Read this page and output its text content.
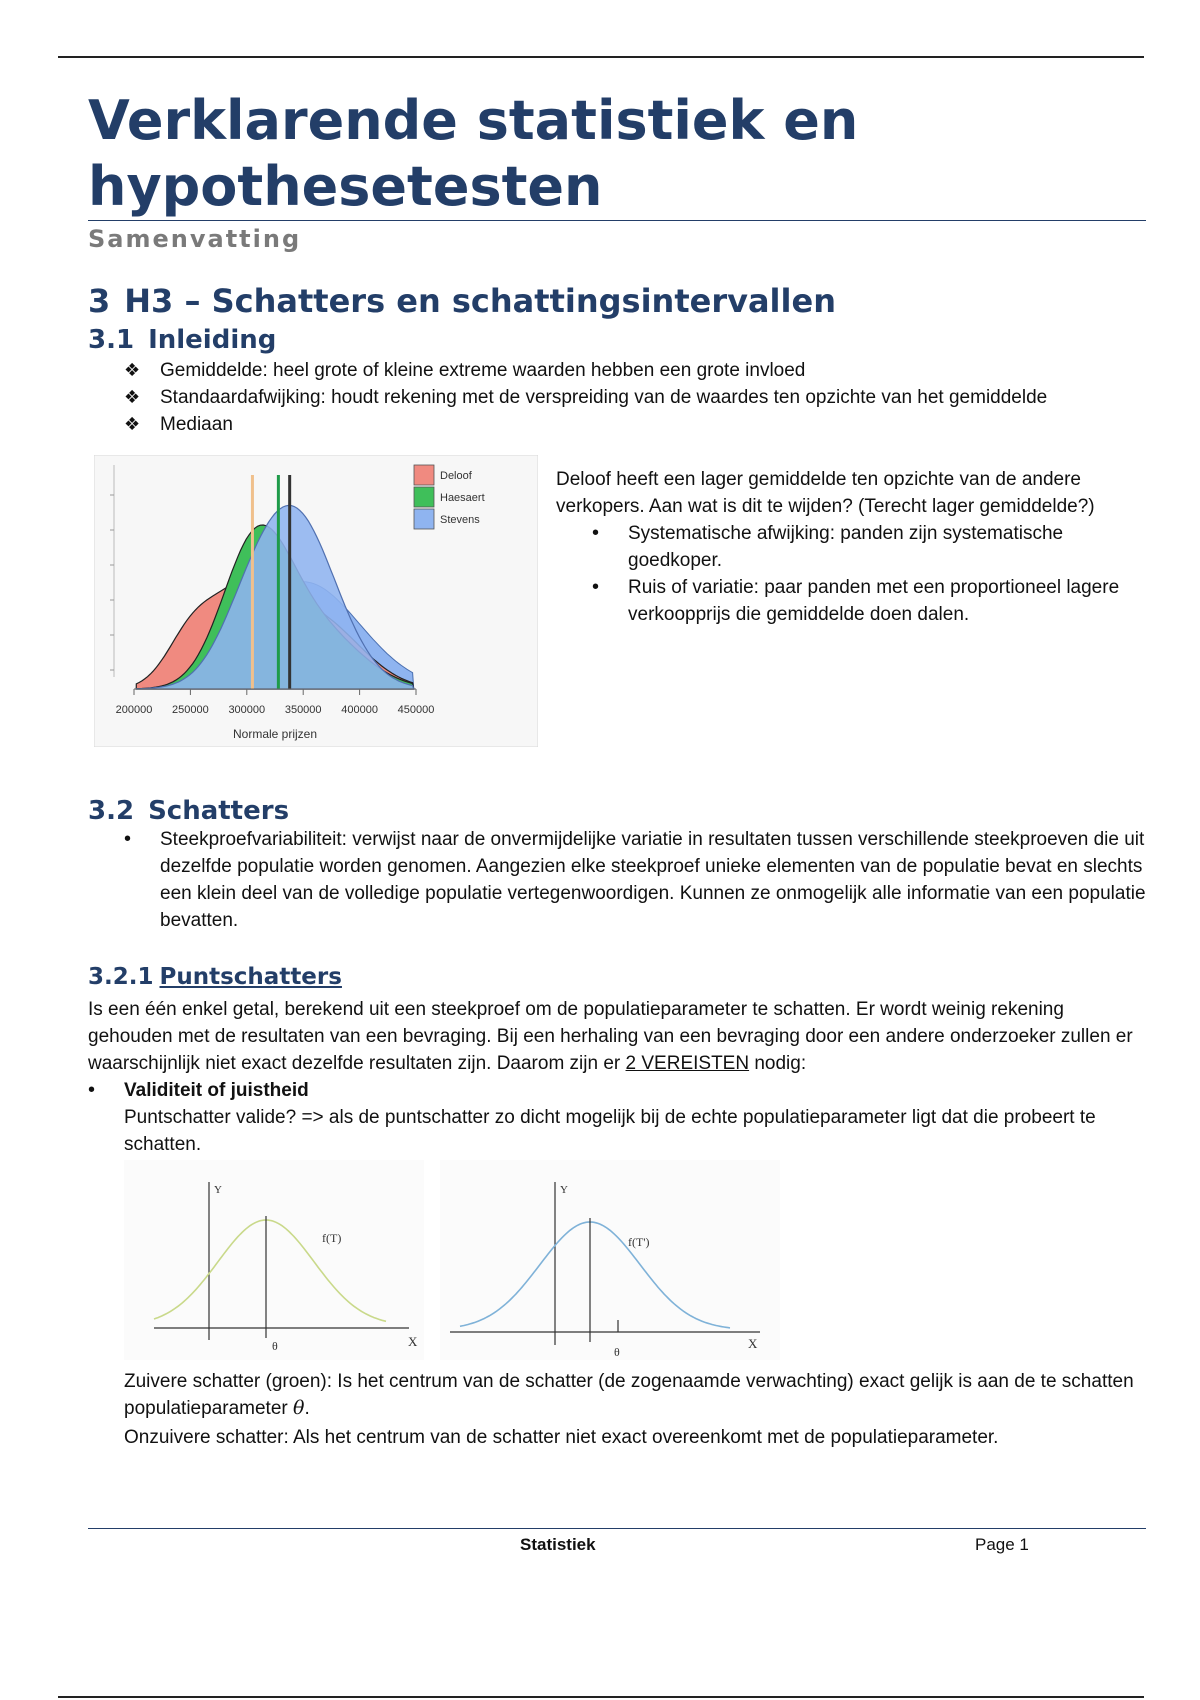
Verklarende statistiek en hypothesetesten
Samenvatting
3 H3 – Schatters en schattingsintervallen
3.1 Inleiding
❖ Gemiddelde: heel grote of kleine extreme waarden hebben een grote invloed
❖ Standaardafwijking: houdt rekening met de verspreiding van de waardes ten opzichte van het gemiddelde
❖ Mediaan
200000 250000 300000 350000 400000 450000
Normale prijzen
Deloof
Haesaert
Stevens

Deloof heeft een lager gemiddelde ten opzichte van de andere verkopers. Aan wat is dit te wijden? (Terecht lager gemiddelde?)

• Systematische afwijking: panden zijn systematische goedkoper.
• Ruis of variatie: paar panden met een proportioneel lagere verkoopprijs die gemiddelde doen dalen.
3.2 Schatters
• Steekproefvariabiliteit: verwijst naar de onvermijdelijke variatie in resultaten tussen verschillende steekproeven die uit dezelfde populatie worden genomen. Aangezien elke steekproef unieke elementen van de populatie bevat en slechts een klein deel van de volledige populatie vertegenwoordigen. Kunnen ze onmogelijk alle informatie van een populatie bevatten.
3.2.1 Puntschatters

Is een één enkel getal, berekend uit een steekproef om de populatieparameter te schatten. Er wordt weinig rekening gehouden met de resultaten van een bevraging. Bij een herhaling van een bevraging door een andere onderzoeker zullen er waarschijnlijk niet exact dezelfde resultaten zijn. Daarom zijn er 2 VEREISTEN nodig:

•	Validiteit of juistheid
Puntschatter valide? => als de puntschatter zo dicht mogelijk bij de echte populatieparameter ligt dat die probeert te schatten.
Y
X
θ
f(T)
Y
X
θ
f(T')

Zuivere schatter (groen): Is het centrum van de schatter (de zogenaamde verwachting) exact gelijk is aan de te schatten populatieparameter θ.

Onzuivere schatter: Als het centrum van de schatter niet exact overeenkomt met de populatieparameter.

Statistiek	Page 1
